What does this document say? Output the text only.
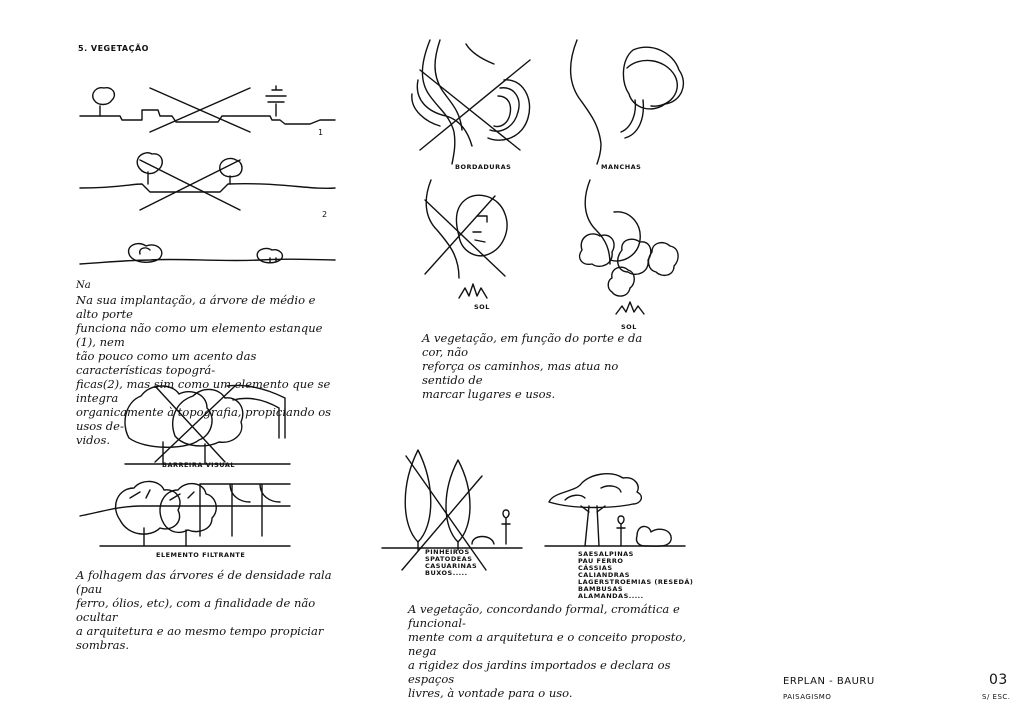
5. VEGETAÇÃO
1
2
Na
Na sua implantação, a árvore de médio e alto porte
funciona não como um elemento estanque (1), nem
tão pouco como um acento das características topográ-
ficas(2), mas sim como um elemento que se integra
organicamente à topografia, propiciando os usos de-
vidos.
BARREIRA VISUAL
ELEMENTO FILTRANTE
A folhagem das árvores é de densidade rala (pau
ferro, ólios, etc), com a finalidade de não ocultar
a arquitetura e ao mesmo tempo propiciar sombras.
BORDADURAS	MANCHAS
SOL
SOL
A vegetação, em função do porte e da cor, não
reforça os caminhos, mas atua no sentido de
marcar lugares e usos.
PINHEIROS
SPATODEAS
CASUARINAS
BUXOS.....
SAESALPINAS
PAU FERRO
CÁSSIAS
CALIANDRAS
LAGERSTROEMIAS (RESEDÁ)
BAMBUSAS
ALAMANDAS.....
A vegetação, concordando formal, cromática e funcional-
mente com a arquitetura e o conceito proposto, nega
a rigidez dos jardins importados e declara os espaços
livres, à vontade para o uso.
ERPLAN - BAURU	03
PAISAGISMO	S/ ESC.
